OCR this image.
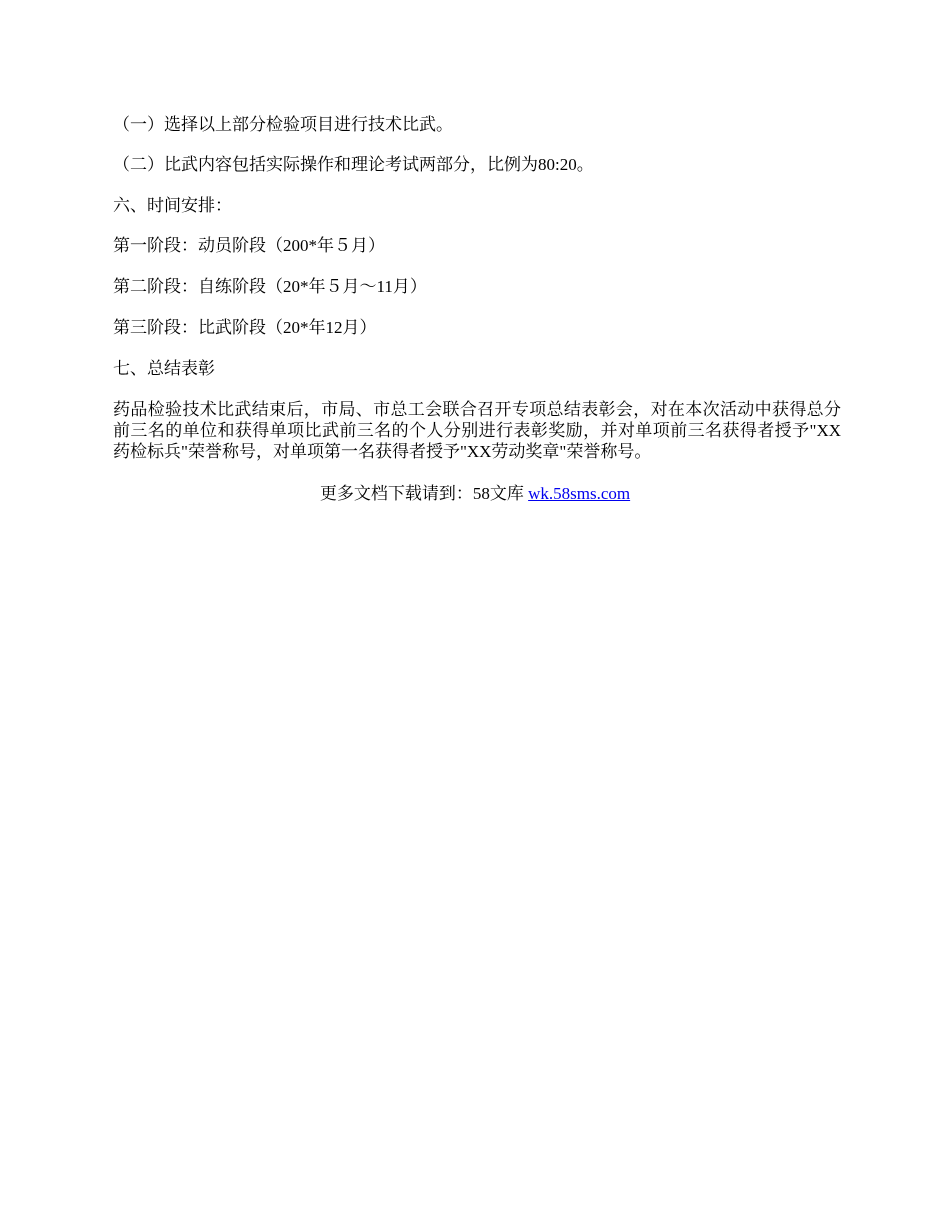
（一）选择以上部分检验项目进行技术比武。
（二）比武内容包括实际操作和理论考试两部分，比例为80:20。
六、时间安排：
第一阶段：动员阶段（200*年５月）
第二阶段：自练阶段（20*年５月～11月）
第三阶段：比武阶段（20*年12月）
七、总结表彰
药品检验技术比武结束后，市局、市总工会联合召开专项总结表彰会，对在本次活动中获得总分前三名的单位和获得单项比武前三名的个人分别进行表彰奖励，并对单项前三名获得者授予"XX药检标兵"荣誉称号，对单项第一名获得者授予"XX劳动奖章"荣誉称号。
更多文档下载请到：58文库 wk.58sms.com
